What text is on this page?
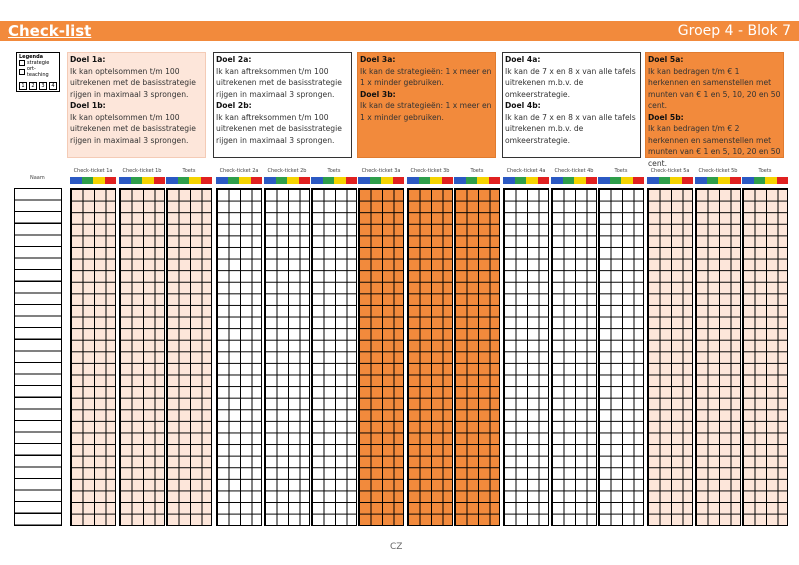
Check-list	Groep 4 - Blok 7
Legenda
strategie
ort-teaching
1	2	3	4
Doel 1a:
Ik kan optelsommen t/m 100 uitrekenen met de basisstrategie rijgen in maximaal 3 sprongen.
Doel 1b:
Ik kan optelsommen t/m 100 uitrekenen met de basisstrategie rijgen in maximaal 3 sprongen.
Doel 2a:
Ik kan aftreksommen t/m 100 uitrekenen met de basisstrategie rijgen in maximaal 3 sprongen.
Doel 2b:
Ik kan aftreksommen t/m 100 uitrekenen met de basisstrategie rijgen in maximaal 3 sprongen.
Doel 3a:
Ik kan de strategieën: 1 x meer en 1 x minder gebruiken.
Doel 3b:
Ik kan de strategieën: 1 x meer en 1 x minder gebruiken.
Doel 4a:
Ik kan de 7 x en 8 x van alle tafels uitrekenen m.b.v. de omkeerstrategie.
Doel 4b:
Ik kan de 7 x en 8 x van alle tafels uitrekenen m.b.v. de omkeerstrategie.
Doel 5a:
Ik kan bedragen t/m € 1 herkennen en samenstellen met munten van € 1 en 5, 10, 20 en 50 cent.
Doel 5b:
Ik kan bedragen t/m € 2 herkennen en samenstellen met munten van € 1 en 5, 10, 20 en 50 cent.
Naam
Check-ticket 1a	Check-ticket 1b	Toets	Check-ticket 2a	Check-ticket 2b	Toets	Check-ticket 3a	Check-ticket 3b	Toets	Check-ticket 4a	Check-ticket 4b	Toets	Check-ticket 5a	Check-ticket 5b	Toets
CZ
